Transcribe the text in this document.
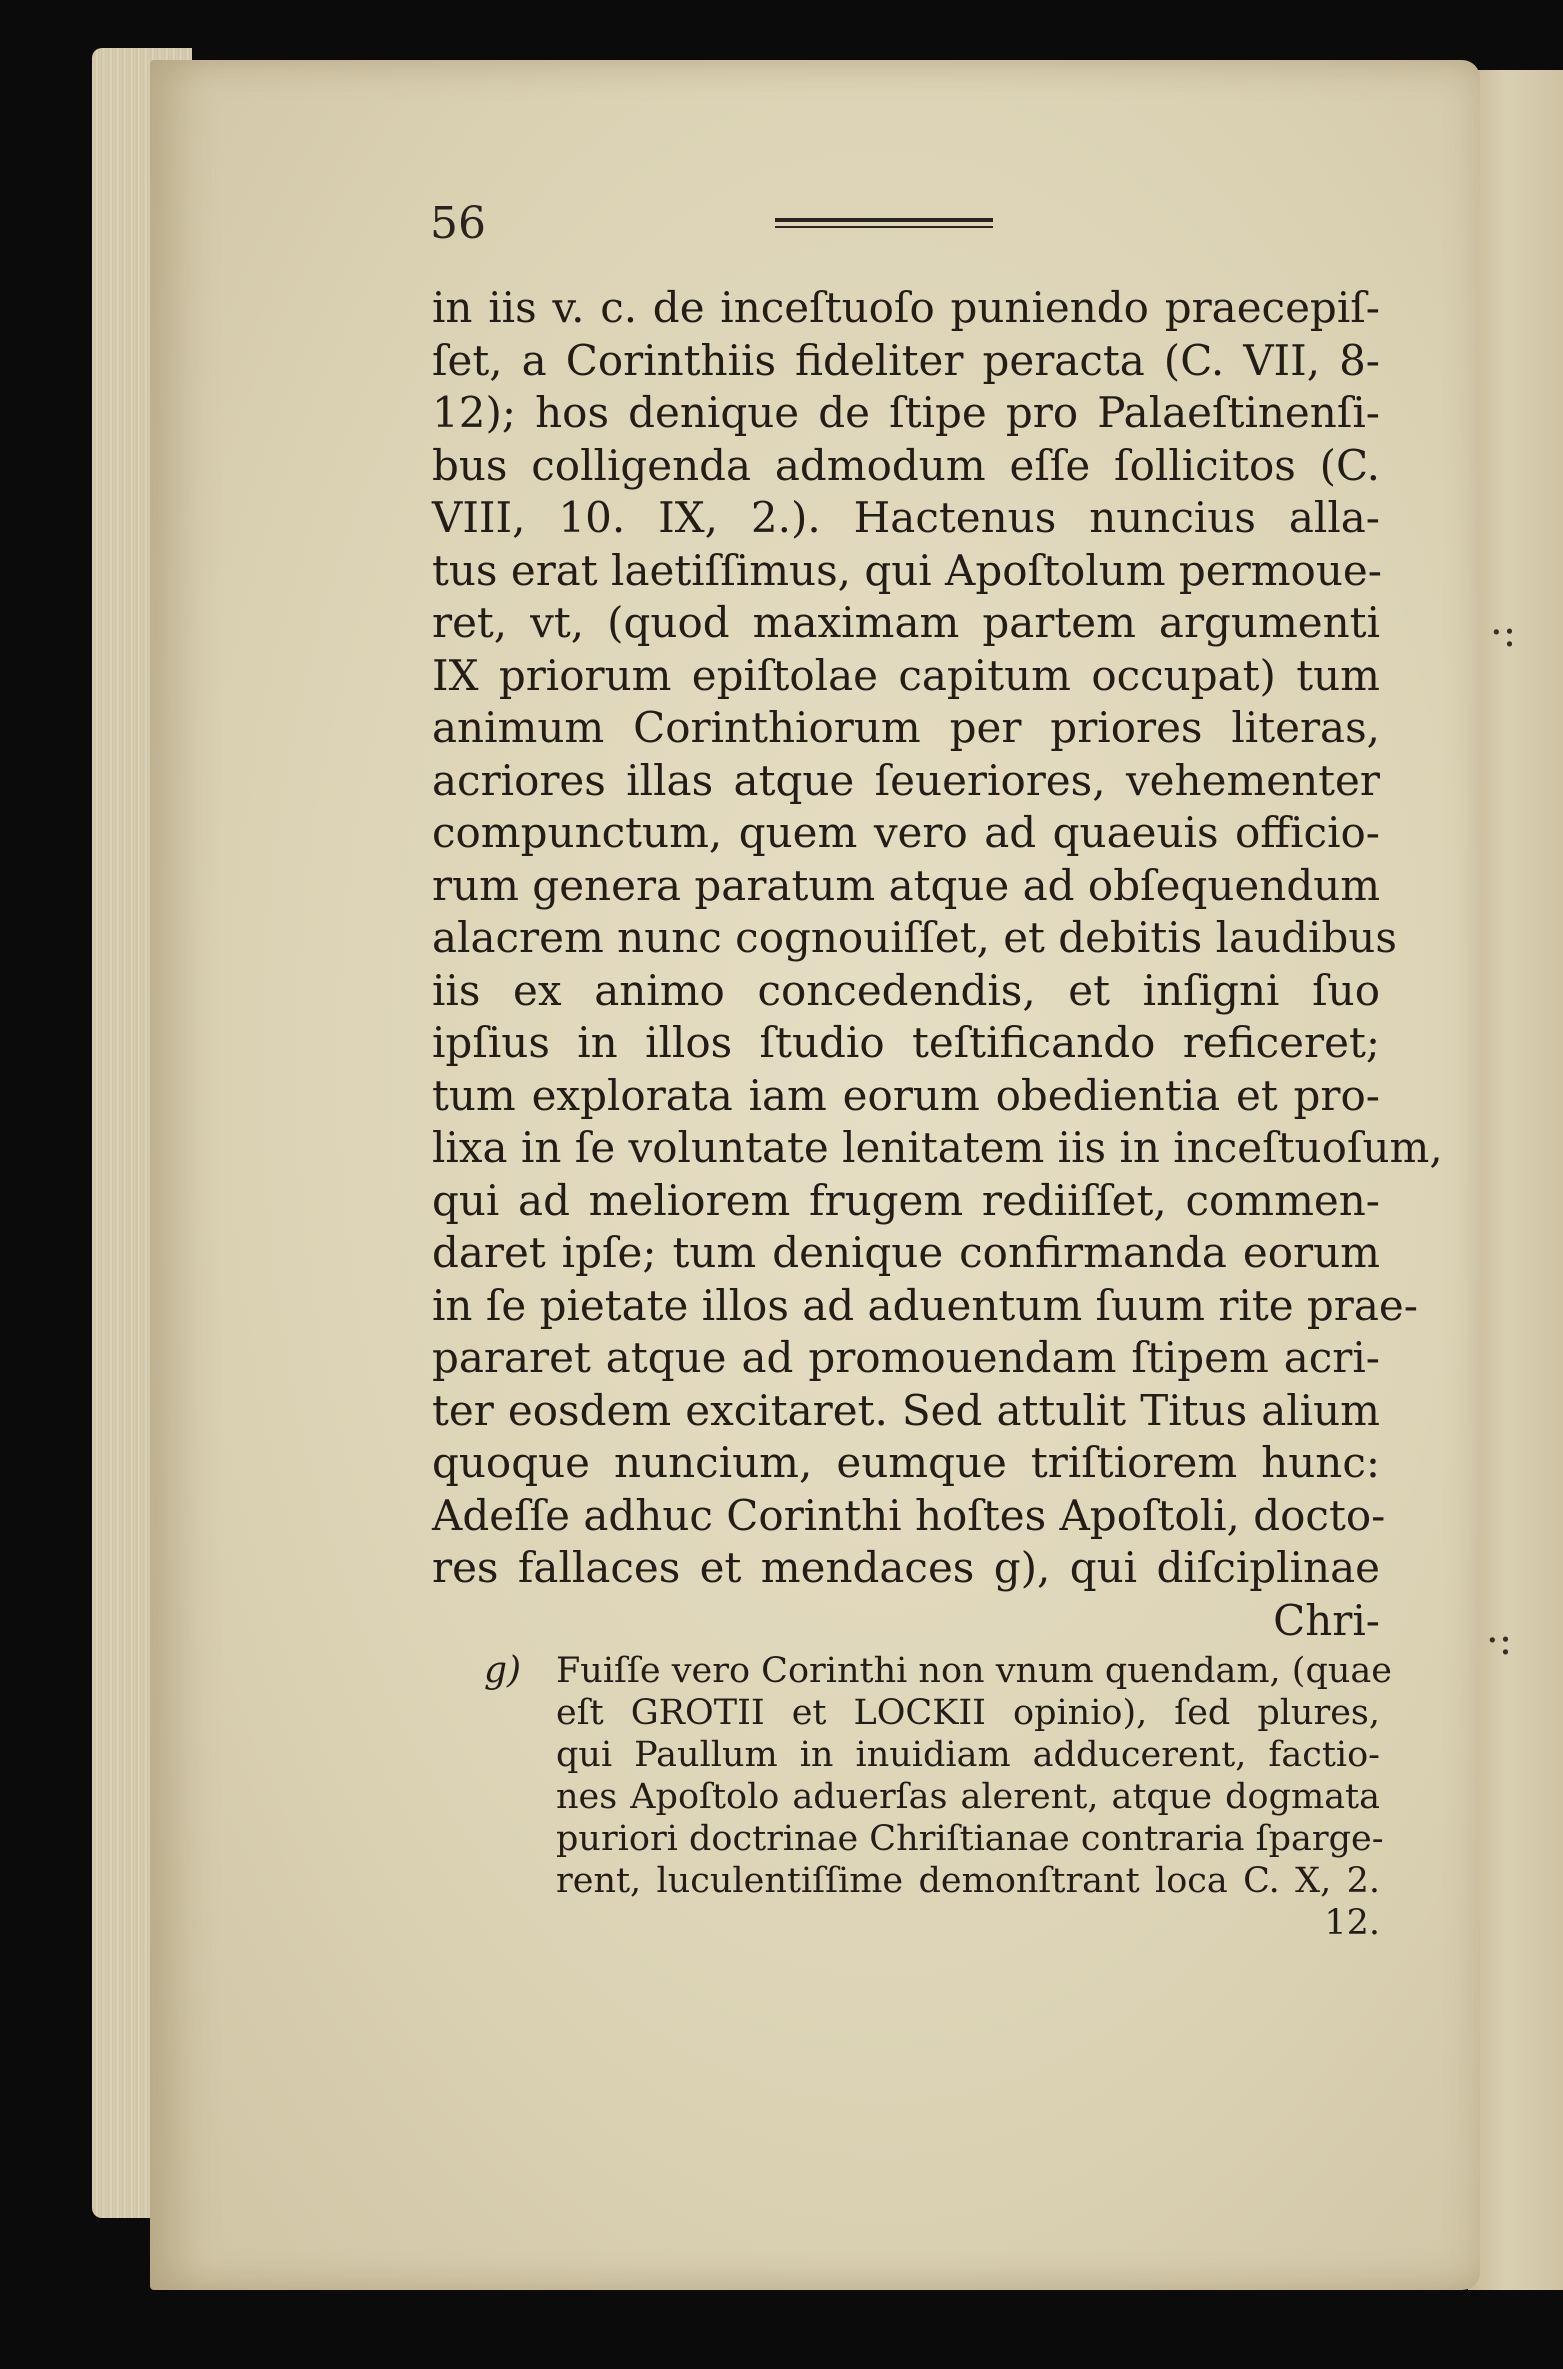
·:
·:
56
in iis v. c. de inceſtuoſo puniendo praecepiſ-
ſet, a Corinthiis fideliter peracta (C. VII, 8-
12); hos denique de ſtipe pro Palaeſtinenſi-
bus colligenda admodum eſſe ſollicitos (C.
VIII, 10. IX, 2.). Hactenus nuncius alla-
tus erat laetiſſimus, qui Apoſtolum permoue-
ret, vt, (quod maximam partem argumenti
IX priorum epiſtolae capitum occupat) tum
animum Corinthiorum per priores literas,
acriores illas atque ſeueriores, vehementer
compunctum, quem vero ad quaeuis officio-
rum genera paratum atque ad obſequendum
alacrem nunc cognouiſſet, et debitis laudibus
iis ex animo concedendis, et inſigni ſuo
ipſius in illos ſtudio teſtificando reficeret;
tum explorata iam eorum obedientia et pro-
lixa in ſe voluntate lenitatem iis in inceſtuoſum,
qui ad meliorem frugem rediiſſet, commen-
daret ipſe; tum denique confirmanda eorum
in ſe pietate illos ad aduentum ſuum rite prae-
pararet atque ad promouendam ſtipem acri-
ter eosdem excitaret. Sed attulit Titus alium
quoque nuncium, eumque triſtiorem hunc:
Adeſſe adhuc Corinthi hoſtes Apoſtoli, docto-
res fallaces et mendaces g), qui diſciplinae
Chri-
g) Fuiſſe vero Corinthi non vnum quendam, (quae
eſt GROTII et LOCKII opinio), ſed plures,
qui Paullum in inuidiam adducerent, factio-
nes Apoſtolo aduerſas alerent, atque dogmata
puriori doctrinae Chriſtianae contraria ſparge-
rent, luculentiſſime demonſtrant loca C. X, 2.
12.
